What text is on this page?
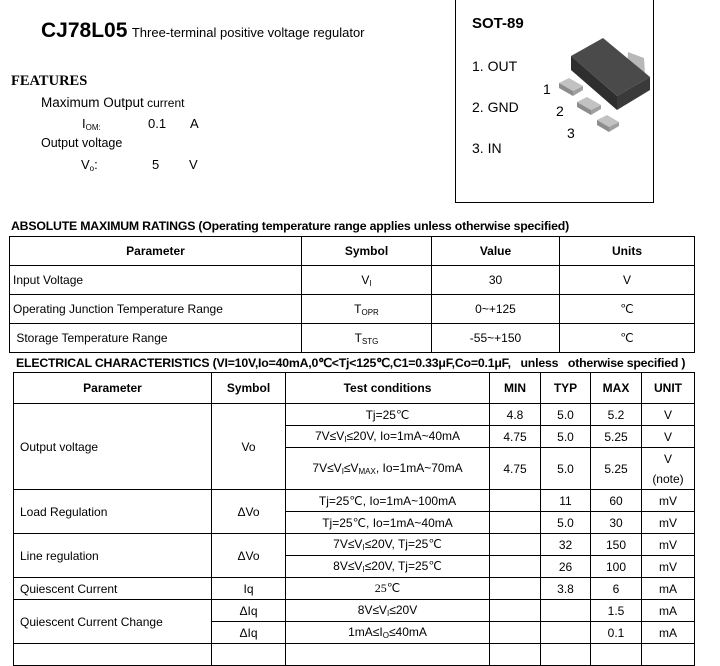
CJ78L05 Three-terminal positive voltage regulator
FEATURES
Maximum Output current
$I_{OM:}$	0.1 A
Output voltage
$V_o$:	5 V
SOT-89
1. OUT
2. GND
3. IN
1
2
3
ABSOLUTE MAXIMUM RATINGS (Operating temperature range applies unless otherwise specified)
Parameter	Symbol	Value	Units
Input Voltage	$V_I$	30	V
Operating Junction Temperature Range	$T_{OPR}$	0~+125	℃
Storage Temperature Range	$T_{STG}$	-55~+150	℃
ELECTRICAL CHARACTERISTICS (VI=10V,Io=40mA,0℃<Tj<125℃,C1=0.33μF,Co=0.1μF,   unless   otherwise specified )
Parameter	Symbol	Test conditions	MIN	TYP	MAX	UNIT
Output voltage	Vo	Tj=25℃	4.8	5.0	5.2	V
		$7V\le V_I\le 20V$, Io=1mA~40mA	4.75	5.0	5.25	V
		$7V\le V_I\le V_{MAX}$, Io=1mA~70mA	4.75	5.0	5.25	V
(note)

Load Regulation	ΔVo	Tj=25℃, Io=1mA~100mA		11	60	mV
		Tj=25℃, Io=1mA~40mA		5.0	30	mV
Line regulation	ΔVo	$7V\le V_I\le 20V$, Tj=25℃		32	150	mV
		$8V\le V_I\le 20V$, Tj=25℃		26	100	mV
Quiescent Current	Iq	25℃		3.8	6	mA
Quiescent Current Change	ΔIq	$8V\le V_I\le 20V$			1.5	mA
	ΔIq	$1mA\le I_O\le 40mA$			0.1	mA
